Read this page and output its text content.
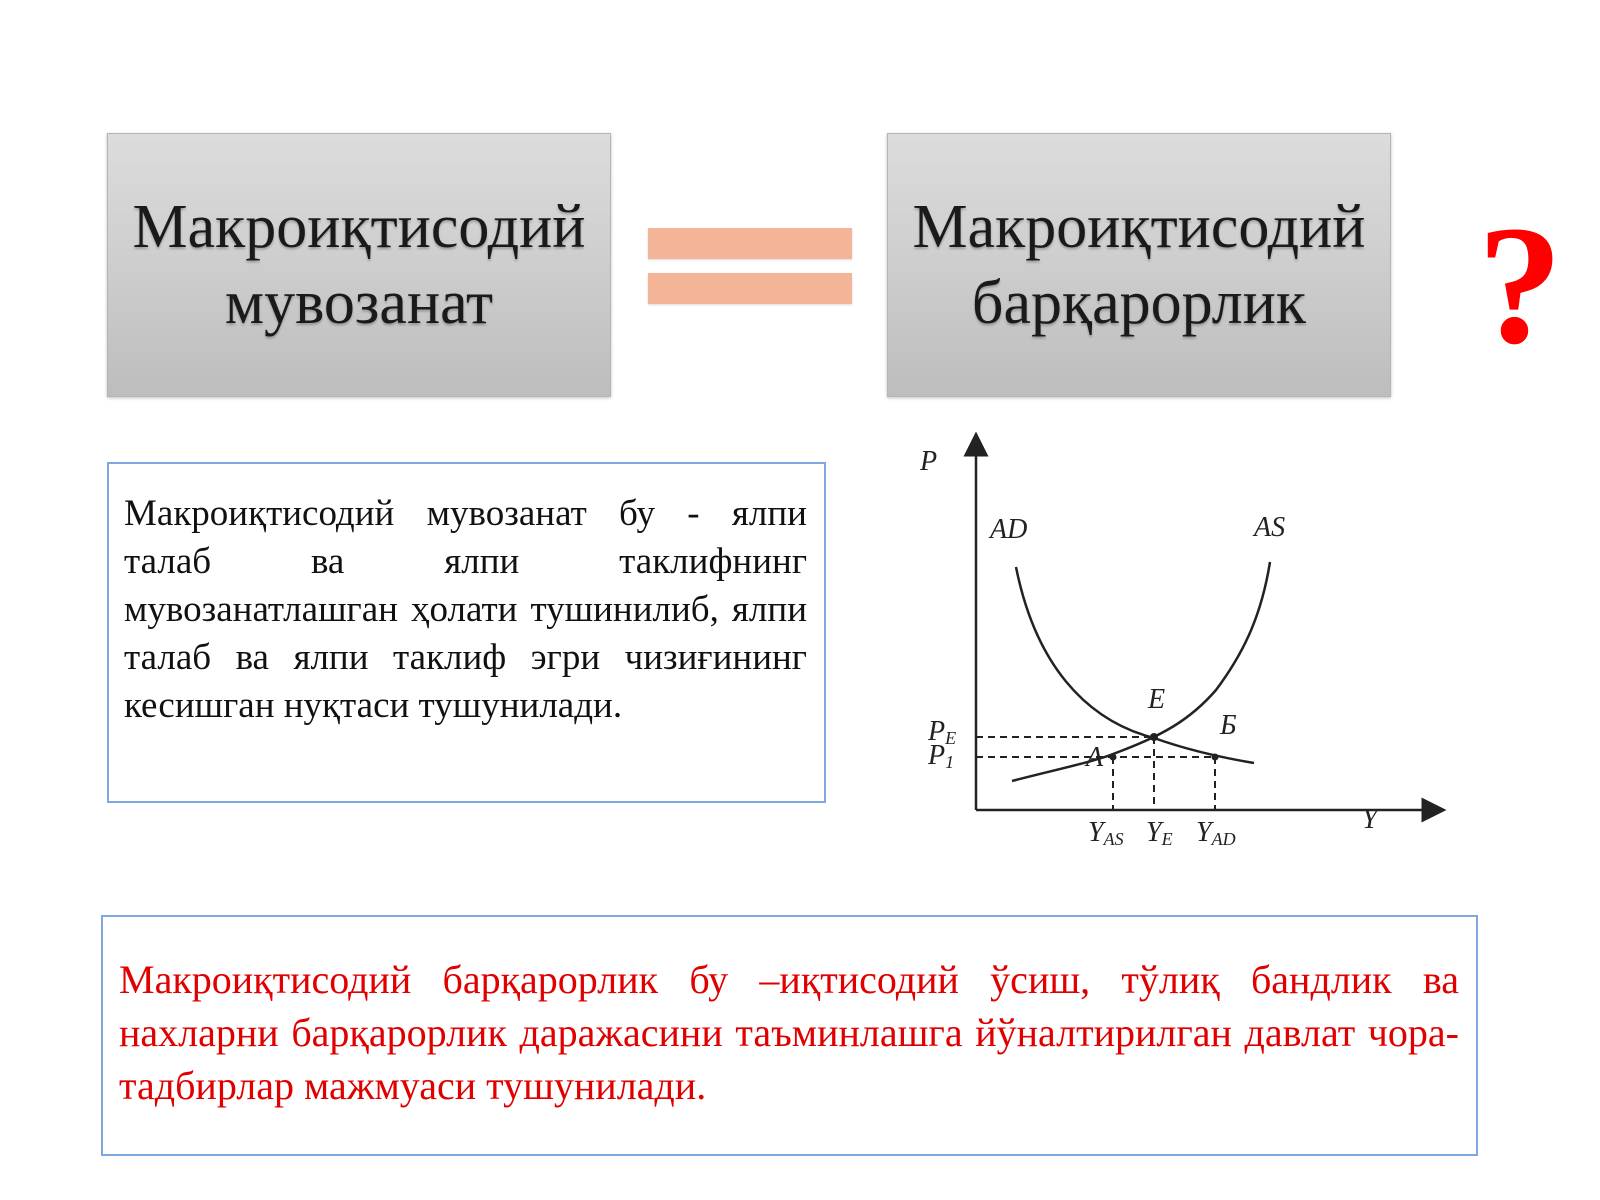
Макроиқтисодий
мувозанат
Макроиқтисодий
барқарорлик	?
Макроиқтисодий мувозанат бу - ялпи талаб ва ялпи таклифнинг мувозанатлашган ҳолати тушинилиб, ялпи талаб ва ялпи таклиф эгри чизиғининг кесишган нуқтаси тушунилади.
P
Y
AD	AS
E
A
Б
$P_E$
$P_1$
$Y_{AS}$ $Y_E$ $Y_{AD}$
Макроиқтисодий барқарорлик бу –иқтисодий ўсиш, тўлиқ бандлик ва нахларни барқарорлик даражасини таъминлашга йўналтирилган давлат чора-тадбирлар мажмуаси тушунилади.
